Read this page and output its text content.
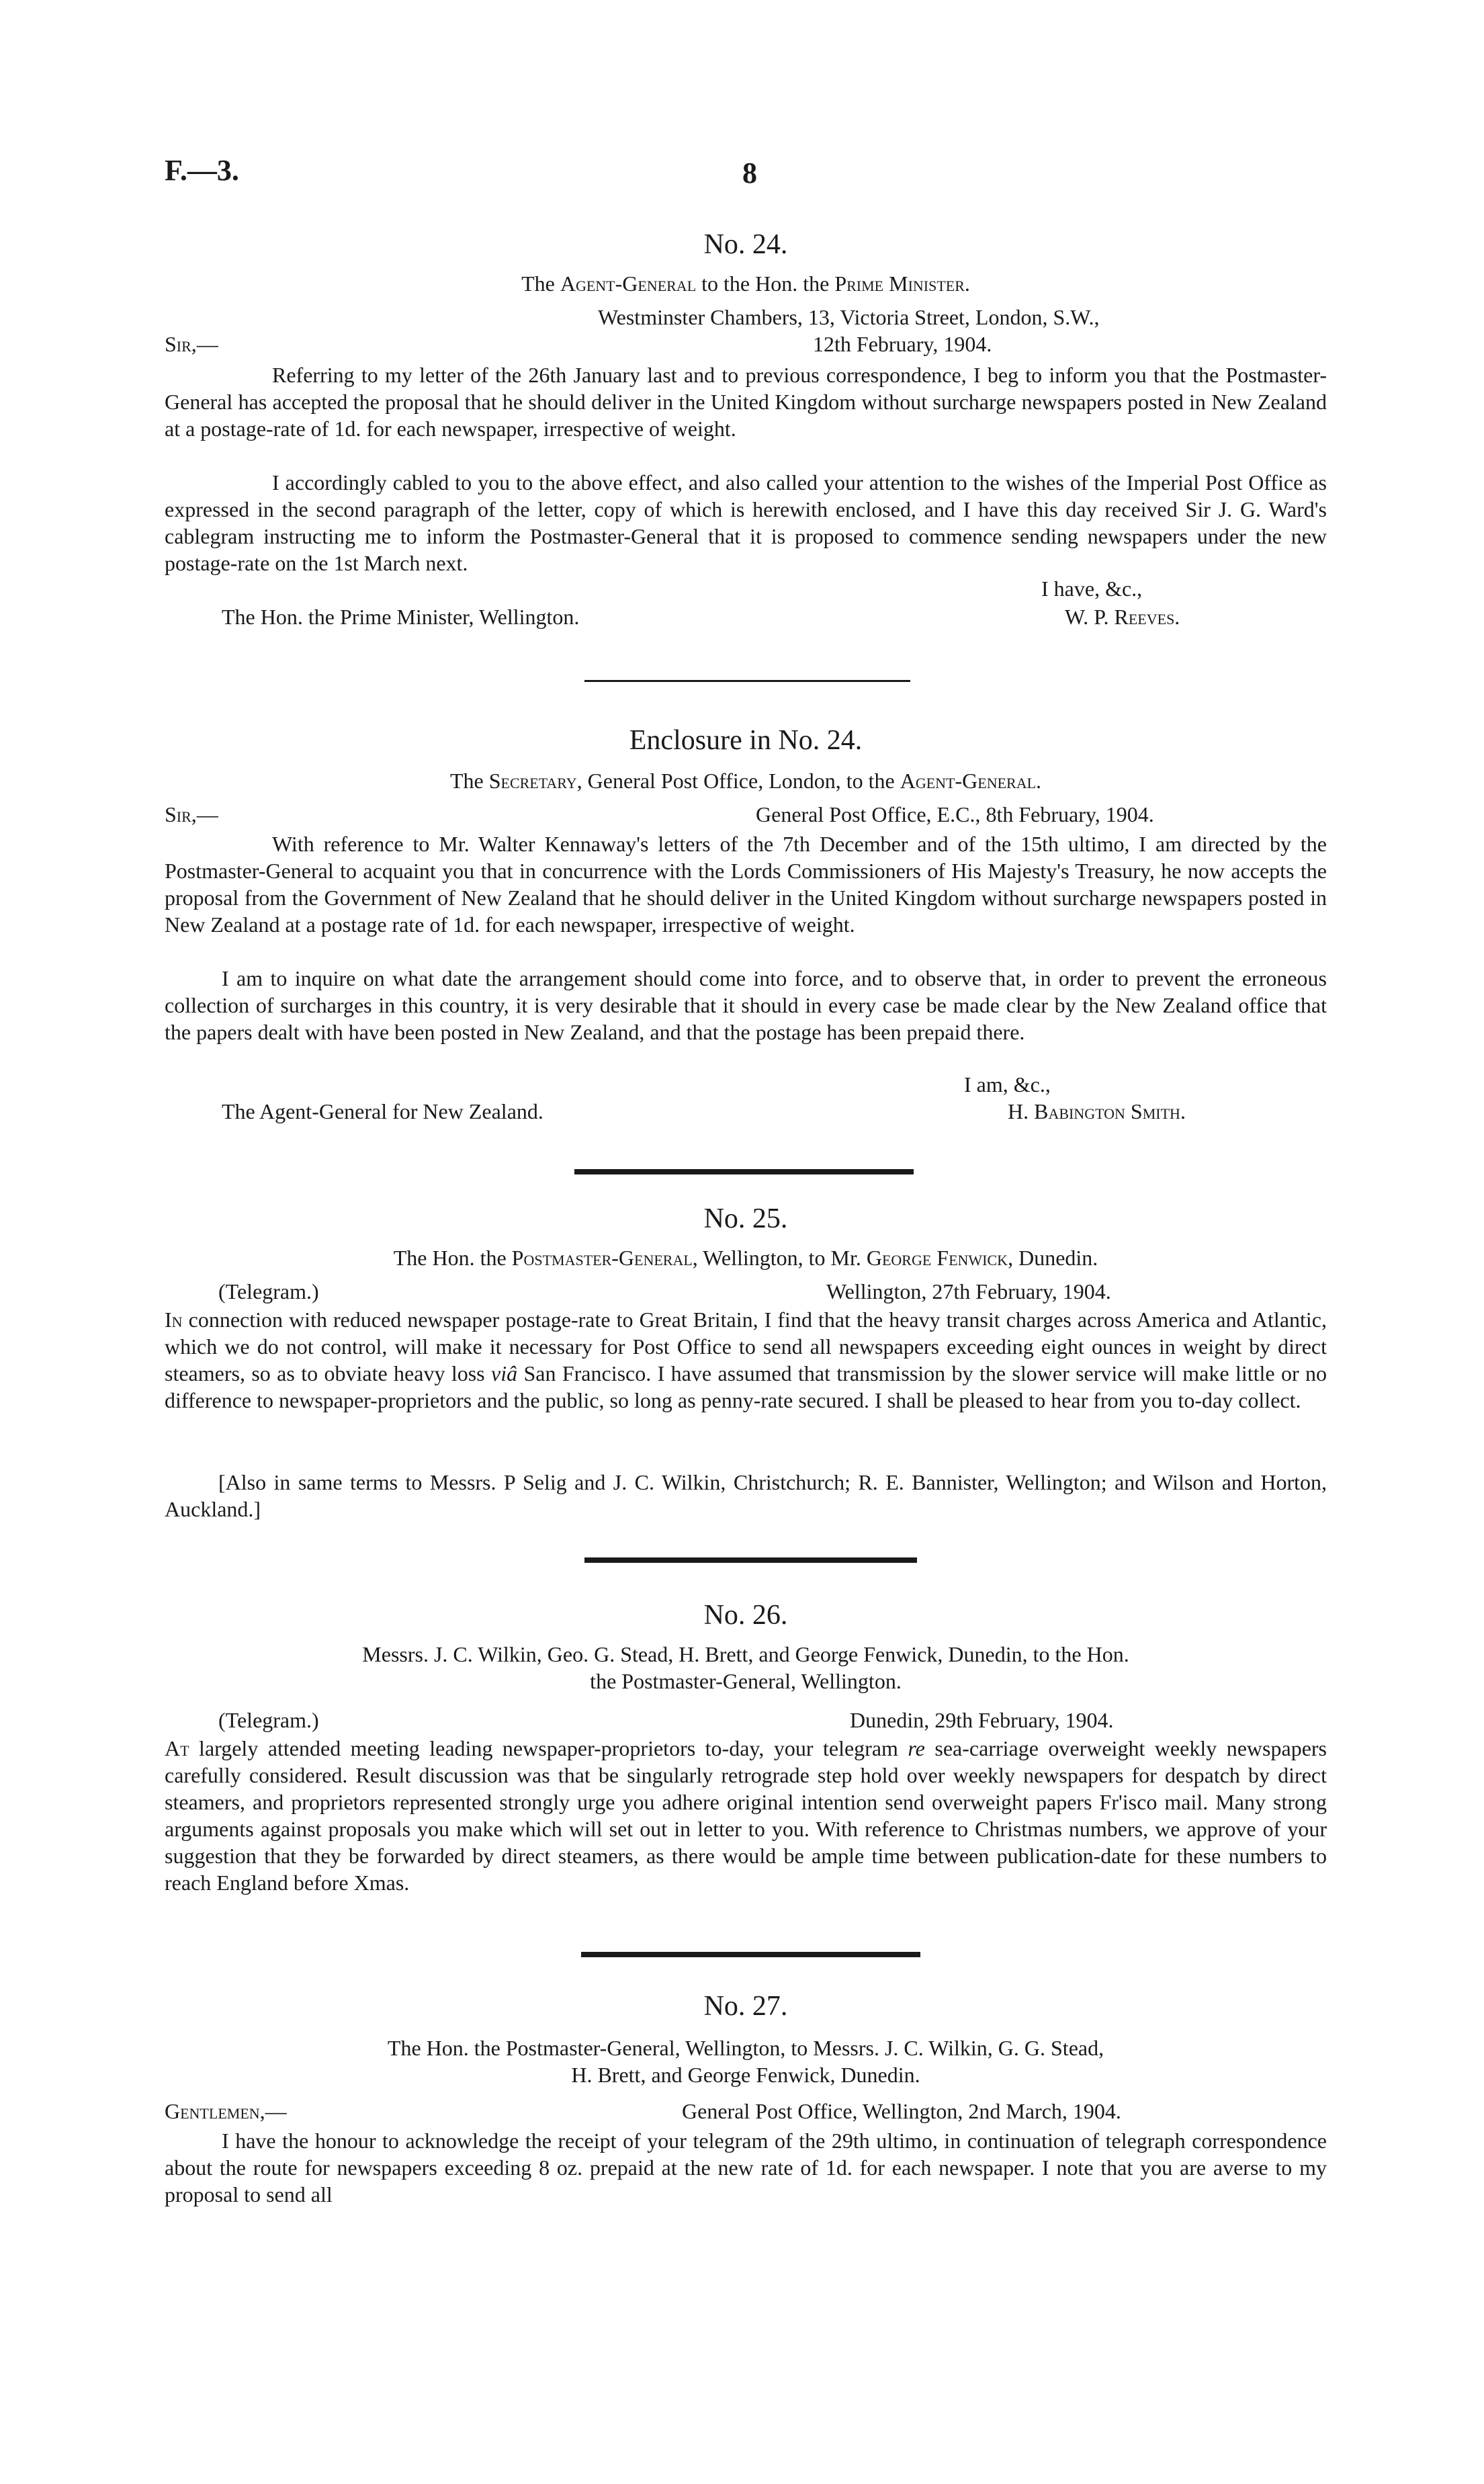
F.—3.	8
No. 24.
The Agent-General to the Hon. the Prime Minister.
Westminster Chambers, 13, Victoria Street, London, S.W.,
Sir,—	12th February, 1904.
Referring to my letter of the 26th January last and to previous correspondence, I beg to inform you that the Postmaster-General has accepted the proposal that he should deliver in the United Kingdom without surcharge newspapers posted in New Zealand at a postage-rate of 1d. for each newspaper, irrespective of weight.
I accordingly cabled to you to the above effect, and also called your attention to the wishes of the Imperial Post Office as expressed in the second paragraph of the letter, copy of which is herewith enclosed, and I have this day received Sir J. G. Ward's cablegram instructing me to inform the Postmaster-General that it is proposed to commence sending newspapers under the new postage-rate on the 1st March next.
I have, &c.,
The Hon. the Prime Minister, Wellington.	W. P. Reeves.
Enclosure in No. 24.
The Secretary, General Post Office, London, to the Agent-General.
Sir,—	General Post Office, E.C., 8th February, 1904.
With reference to Mr. Walter Kennaway's letters of the 7th December and of the 15th ultimo, I am directed by the Postmaster-General to acquaint you that in concurrence with the Lords Commissioners of His Majesty's Treasury, he now accepts the proposal from the Government of New Zealand that he should deliver in the United Kingdom without surcharge newspapers posted in New Zealand at a postage rate of 1d. for each newspaper, irrespective of weight.
I am to inquire on what date the arrangement should come into force, and to observe that, in order to prevent the erroneous collection of surcharges in this country, it is very desirable that it should in every case be made clear by the New Zealand office that the papers dealt with have been posted in New Zealand, and that the postage has been prepaid there.
I am, &c.,
The Agent-General for New Zealand.	H. Babington Smith.
No. 25.
The Hon. the Postmaster-General, Wellington, to Mr. George Fenwick, Dunedin.
(Telegram.)	Wellington, 27th February, 1904.
In connection with reduced newspaper postage-rate to Great Britain, I find that the heavy transit charges across America and Atlantic, which we do not control, will make it necessary for Post Office to send all newspapers exceeding eight ounces in weight by direct steamers, so as to obviate heavy loss viâ San Francisco. I have assumed that transmission by the slower service will make little or no difference to newspaper-proprietors and the public, so long as penny-rate secured. I shall be pleased to hear from you to-day collect.
[Also in same terms to Messrs. P Selig and J. C. Wilkin, Christchurch; R. E. Bannister, Wellington; and Wilson and Horton, Auckland.]
No. 26.
Messrs. J. C. Wilkin, Geo. G. Stead, H. Brett, and George Fenwick, Dunedin, to the Hon.
the Postmaster-General, Wellington.
(Telegram.)	Dunedin, 29th February, 1904.
At largely attended meeting leading newspaper-proprietors to-day, your telegram re sea-carriage overweight weekly newspapers carefully considered. Result discussion was that be singularly retrograde step hold over weekly newspapers for despatch by direct steamers, and proprietors represented strongly urge you adhere original intention send overweight papers Fr'isco mail. Many strong arguments against proposals you make which will set out in letter to you. With reference to Christmas numbers, we approve of your suggestion that they be forwarded by direct steamers, as there would be ample time between publication-date for these numbers to reach England before Xmas.
No. 27.
The Hon. the Postmaster-General, Wellington, to Messrs. J. C. Wilkin, G. G. Stead,
H. Brett, and George Fenwick, Dunedin.
Gentlemen,—	General Post Office, Wellington, 2nd March, 1904.
I have the honour to acknowledge the receipt of your telegram of the 29th ultimo, in continuation of telegraph correspondence about the route for newspapers exceeding 8 oz. prepaid at the new rate of 1d. for each newspaper. I note that you are averse to my proposal to send all
